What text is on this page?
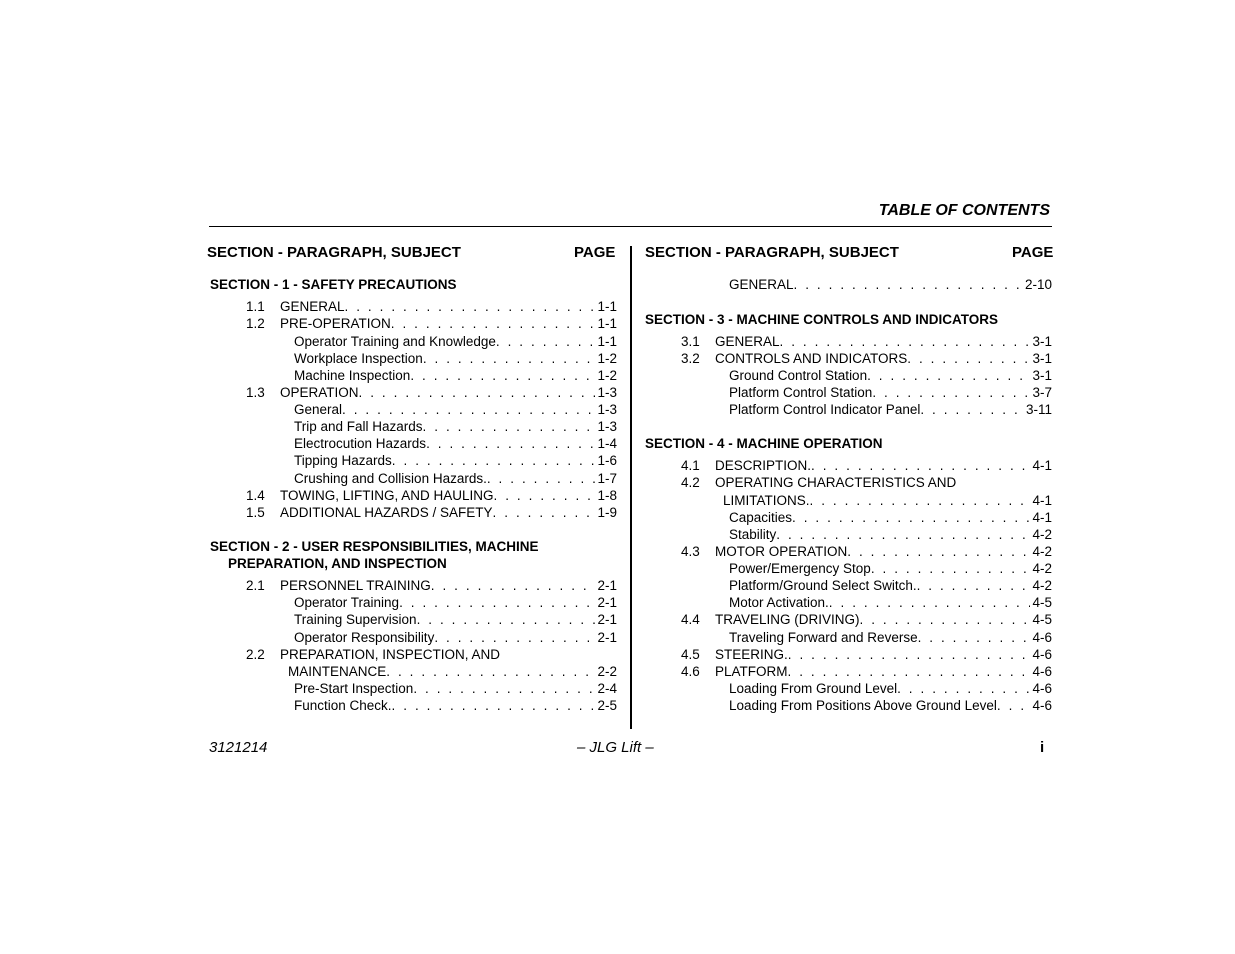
TABLE OF CONTENTS
SECTION - PARAGRAPH, SUBJECT	PAGE SECTION - PARAGRAPH, SUBJECT	PAGE
SECTION - 1 - SAFETY PRECAUTIONS
SECTION - 2 - USER RESPONSIBILITIES, MACHINE
PREPARATION, AND INSPECTION
SECTION - 3 - MACHINE CONTROLS AND INDICATORS
SECTION - 4 - MACHINE OPERATION
1.1 GENERAL . . .	1-1
1.2 PRE-OPERATION . . .	1-1
Operator Training and Knowledge . . .	1-1
Workplace Inspection . . .	1-2
Machine Inspection . . .	1-2
1.3 OPERATION . . .	1-3
General . . .	1-3
Trip and Fall Hazards . . .	1-3
Electrocution Hazards . . .	1-4
Tipping Hazards . . .	1-6
Crushing and Collision Hazards. . . .	1-7
1.4 TOWING, LIFTING, AND HAULING . . .	1-8
1.5 ADDITIONAL HAZARDS / SAFETY . . .	1-9
2.1 PERSONNEL TRAINING . . .	2-1
Operator Training . . .	2-1
Training Supervision . . .	2-1
Operator Responsibility . . .	2-1
2.2 PREPARATION, INSPECTION, AND
MAINTENANCE . . .	2-2
Pre-Start Inspection . . .	2-4
Function Check. . . .	2-5
GENERAL . . .	2-10
3.1 GENERAL . . .	3-1
3.2 CONTROLS AND INDICATORS . . .	3-1
Ground Control Station . . .	3-1
Platform Control Station . . .	3-7
Platform Control Indicator Panel . . .	3-11
4.1 DESCRIPTION. . . .	4-1
4.2 OPERATING CHARACTERISTICS AND
LIMITATIONS. . . .	4-1
Capacities . . .	4-1
Stability . . .	4-2
4.3 MOTOR OPERATION . . .	4-2
Power/Emergency Stop . . .	4-2
Platform/Ground Select Switch. . . .	4-2
Motor Activation. . . .	4-5
4.4 TRAVELING (DRIVING) . . .	4-5
Traveling Forward and Reverse . . .	4-6
4.5 STEERING. . . .	4-6
4.6 PLATFORM . . .	4-6
Loading From Ground Level . . .	4-6
Loading From Positions Above Ground Level . . .	4-6
3121214	– JLG Lift –	i
